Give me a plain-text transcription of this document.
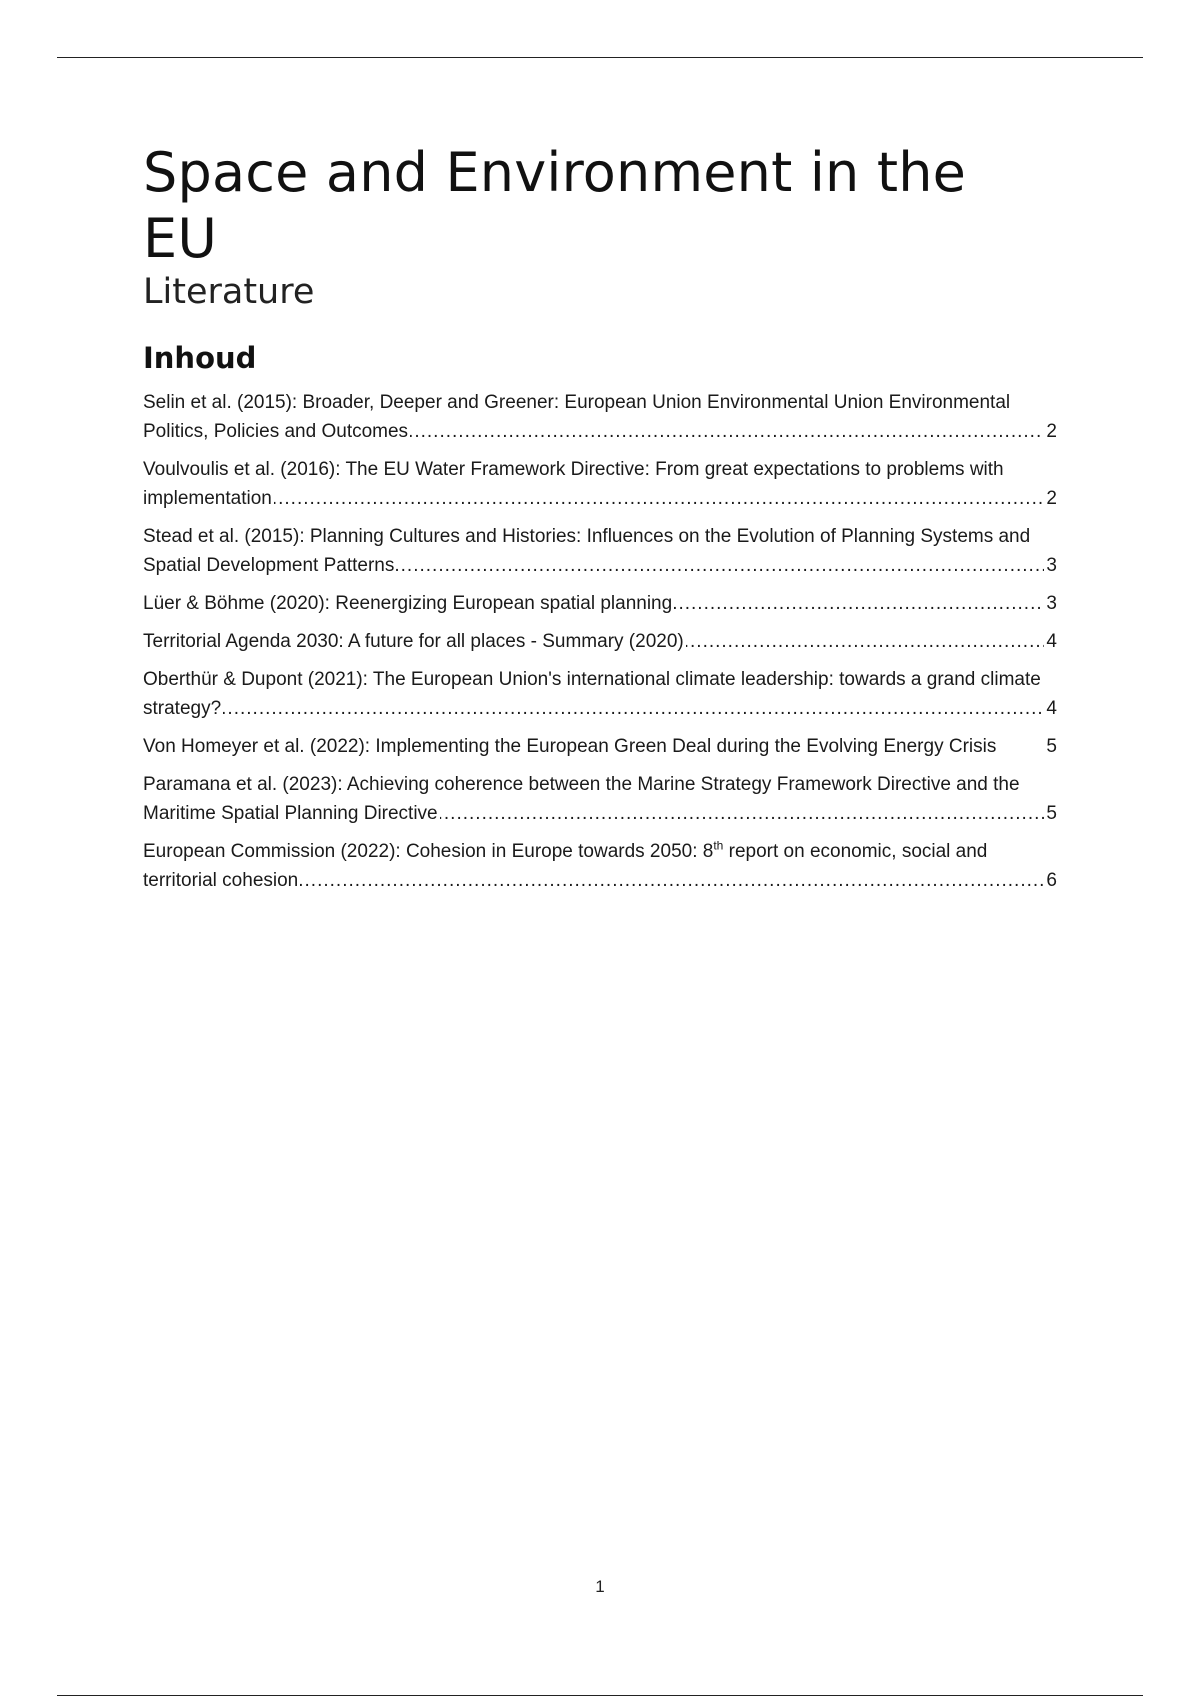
Space and Environment in the EU
Literature
Inhoud
Selin et al. (2015): Broader, Deeper and Greener: European Union Environmental Union Environmental Politics, Policies and Outcomes .....	2
Voulvoulis et al. (2016): The EU Water Framework Directive: From great expectations to problems with implementation .....	2
Stead et al. (2015): Planning Cultures and Histories: Influences on the Evolution of Planning Systems and Spatial Development Patterns .....	3
Lüer & Böhme (2020): Reenergizing European spatial planning .....	3
Territorial Agenda 2030: A future for all places - Summary (2020) .....	4
Oberthür & Dupont (2021): The European Union's international climate leadership: towards a grand climate strategy? .....	4
Von Homeyer et al. (2022): Implementing the European Green Deal during the Evolving Energy Crisis	5
Paramana et al. (2023): Achieving coherence between the Marine Strategy Framework Directive and the Maritime Spatial Planning Directive .....	5
European Commission (2022): Cohesion in Europe towards 2050: 8th report on economic, social and territorial cohesion .....	6
1
